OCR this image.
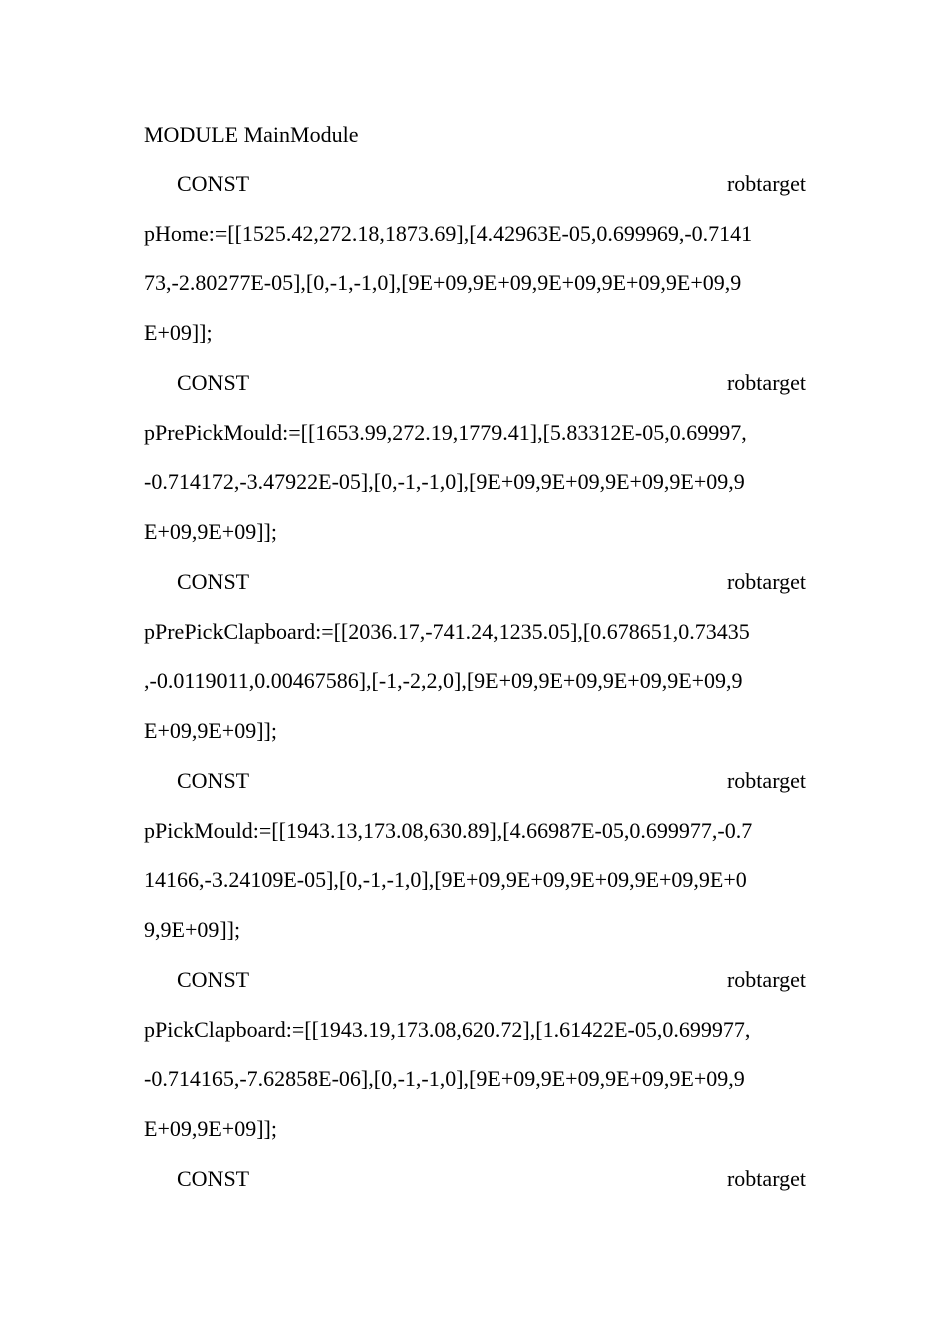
MODULE MainModule
CONST	robtarget
pHome:=[[1525.42,272.18,1873.69],[4.42963E-05,0.699969,-0.7141
73,-2.80277E-05],[0,-1,-1,0],[9E+09,9E+09,9E+09,9E+09,9E+09,9
E+09]];
CONST	robtarget
pPrePickMould:=[[1653.99,272.19,1779.41],[5.83312E-05,0.69997,
-0.714172,-3.47922E-05],[0,-1,-1,0],[9E+09,9E+09,9E+09,9E+09,9
E+09,9E+09]];
CONST	robtarget
pPrePickClapboard:=[[2036.17,-741.24,1235.05],[0.678651,0.73435
,-0.0119011,0.00467586],[-1,-2,2,0],[9E+09,9E+09,9E+09,9E+09,9
E+09,9E+09]];
CONST	robtarget
pPickMould:=[[1943.13,173.08,630.89],[4.66987E-05,0.699977,-0.7
14166,-3.24109E-05],[0,-1,-1,0],[9E+09,9E+09,9E+09,9E+09,9E+0
9,9E+09]];
CONST	robtarget
pPickClapboard:=[[1943.19,173.08,620.72],[1.61422E-05,0.699977,
-0.714165,-7.62858E-06],[0,-1,-1,0],[9E+09,9E+09,9E+09,9E+09,9
E+09,9E+09]];
CONST	robtarget
